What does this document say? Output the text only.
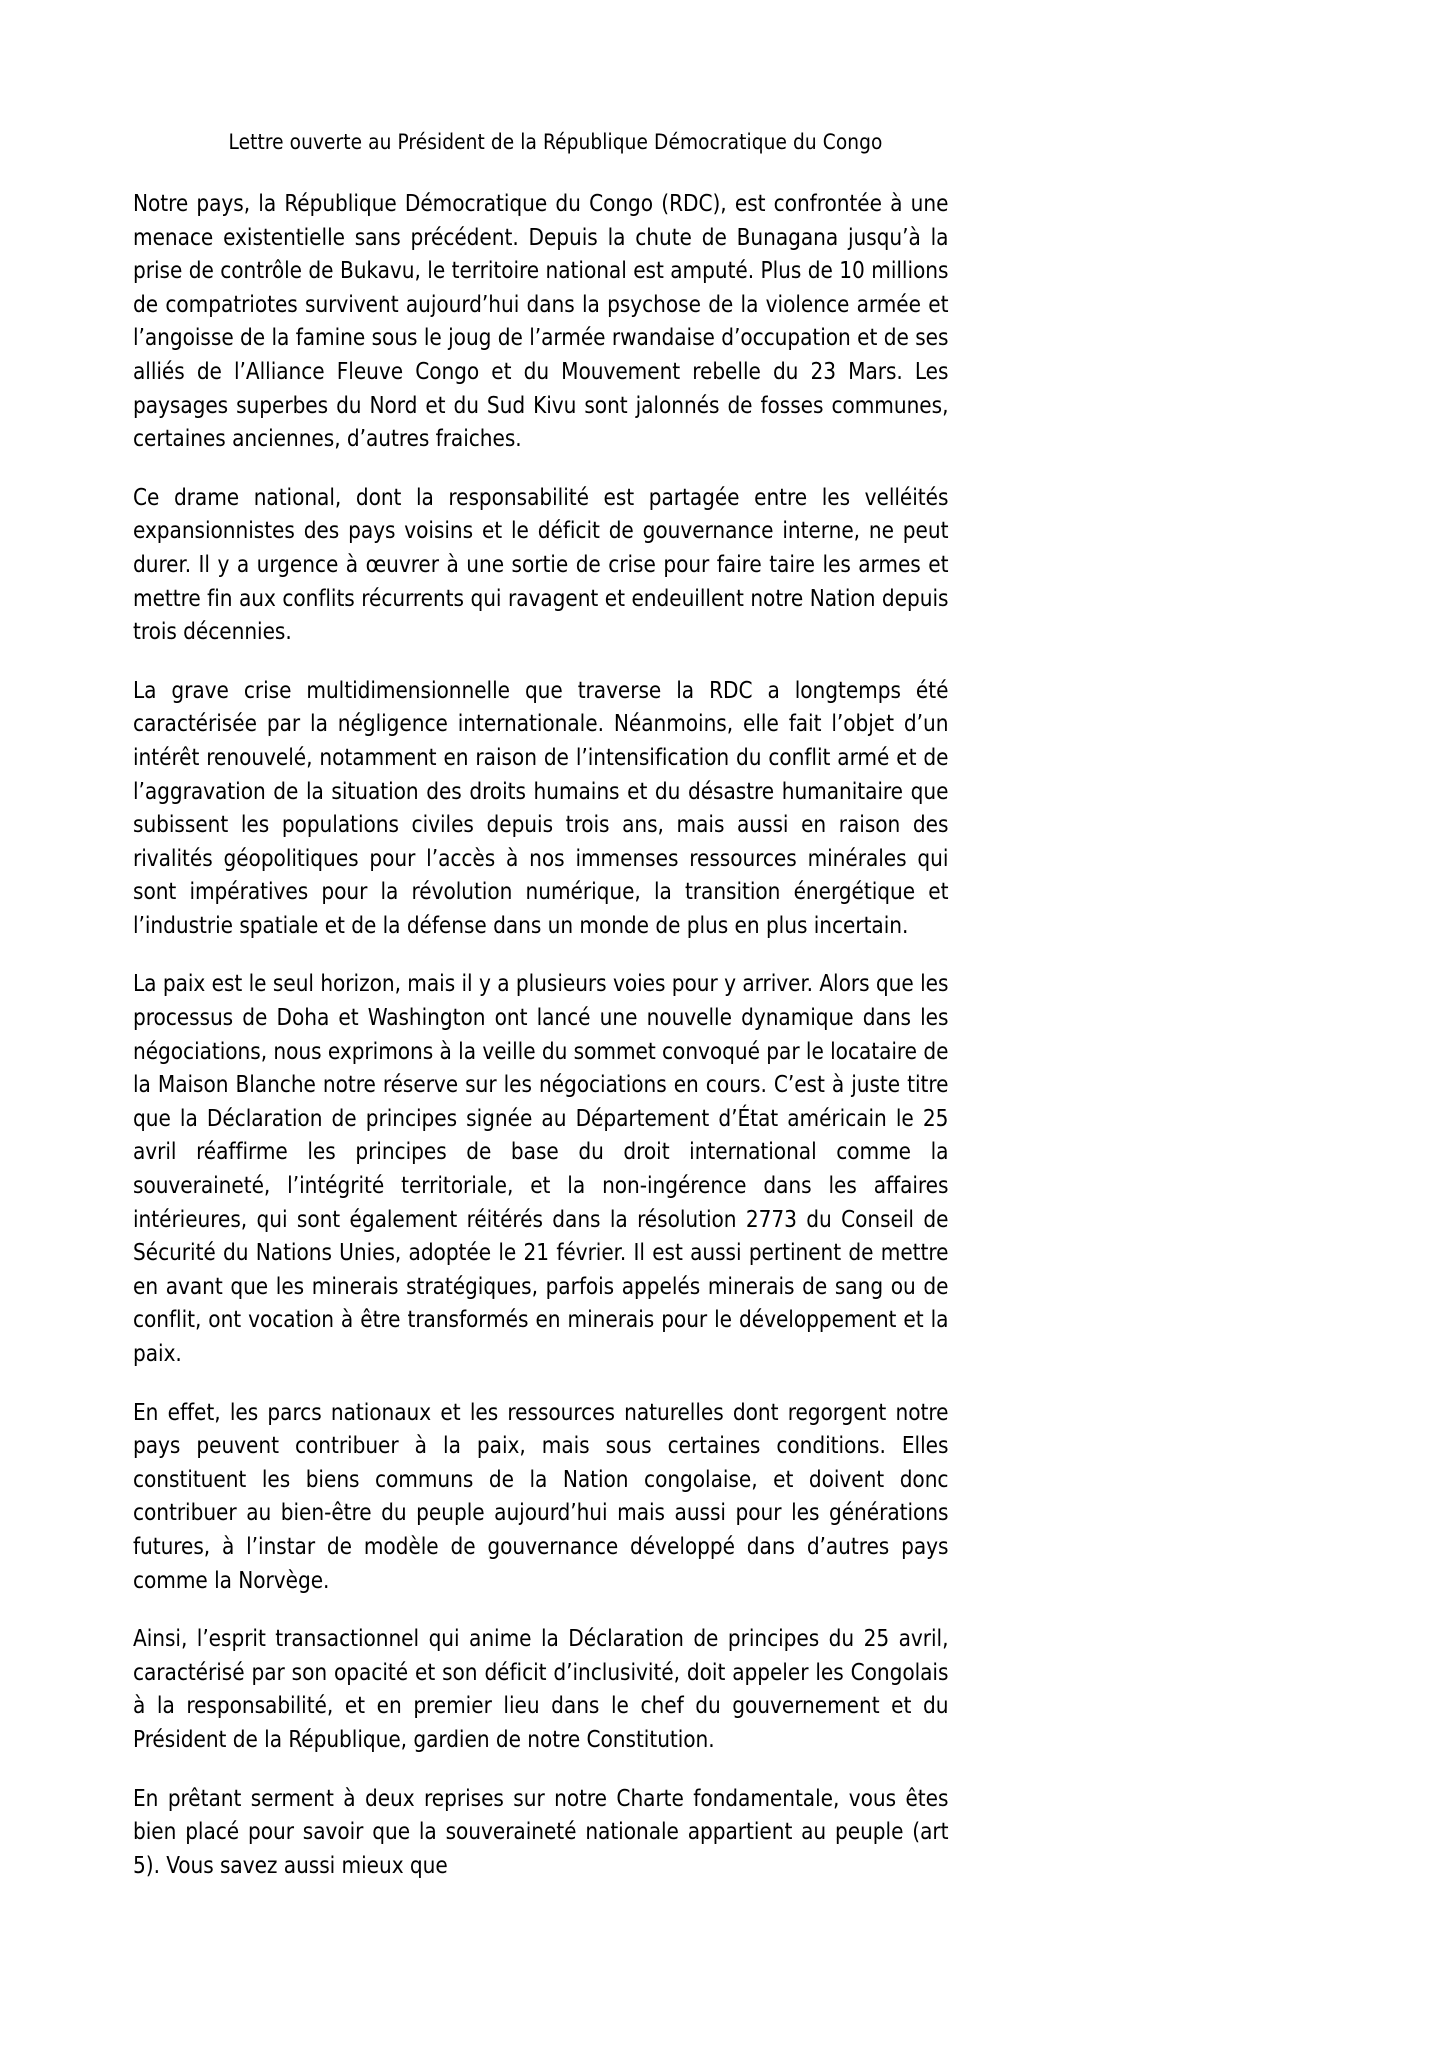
Lettre ouverte au Président de la République Démocratique du Congo

Notre pays, la République Démocratique du Congo (RDC), est confrontée à une menace existentielle sans précédent. Depuis la chute de Bunagana jusqu’à la prise de contrôle de Bukavu, le territoire national est amputé. Plus de 10 millions de compatriotes survivent aujourd’hui dans la psychose de la violence armée et l’angoisse de la famine sous le joug de l’armée rwandaise d’occupation et de ses alliés de l’Alliance Fleuve Congo et du Mouvement rebelle du 23 Mars. Les paysages superbes du Nord et du Sud Kivu sont jalonnés de fosses communes, certaines anciennes, d’autres fraiches.

Ce drame national, dont la responsabilité est partagée entre les velléités expansionnistes des pays voisins et le déficit de gouvernance interne, ne peut durer. Il y a urgence à œuvrer à une sortie de crise pour faire taire les armes et mettre fin aux conflits récurrents qui ravagent et endeuillent notre Nation depuis trois décennies.

La grave crise multidimensionnelle que traverse la RDC a longtemps été caractérisée par la négligence internationale. Néanmoins, elle fait l’objet d’un intérêt renouvelé, notamment en raison de l’intensification du conflit armé et de l’aggravation de la situation des droits humains et du désastre humanitaire que subissent les populations civiles depuis trois ans, mais aussi en raison des rivalités géopolitiques pour l’accès à nos immenses ressources minérales qui sont impératives pour la révolution numérique, la transition énergétique et l’industrie spatiale et de la défense dans un monde de plus en plus incertain.

La paix est le seul horizon, mais il y a plusieurs voies pour y arriver. Alors que les processus de Doha et Washington ont lancé une nouvelle dynamique dans les négociations, nous exprimons à la veille du sommet convoqué par le locataire de la Maison Blanche notre réserve sur les négociations en cours. C’est à juste titre que la Déclaration de principes signée au Département d’État américain le 25 avril réaffirme les principes de base du droit international comme la souveraineté, l’intégrité territoriale, et la non-ingérence dans les affaires intérieures, qui sont également réitérés dans la résolution 2773 du Conseil de Sécurité du Nations Unies, adoptée le 21 février. Il est aussi pertinent de mettre en avant que les minerais stratégiques, parfois appelés minerais de sang ou de conflit, ont vocation à être transformés en minerais pour le développement et la paix.

En effet, les parcs nationaux et les ressources naturelles dont regorgent notre pays peuvent contribuer à la paix, mais sous certaines conditions. Elles constituent les biens communs de la Nation congolaise, et doivent donc contribuer au bien-être du peuple aujourd’hui mais aussi pour les générations futures, à l’instar de modèle de gouvernance développé dans d’autres pays comme la Norvège.

Ainsi, l’esprit transactionnel qui anime la Déclaration de principes du 25 avril, caractérisé par son opacité et son déficit d’inclusivité, doit appeler les Congolais à la responsabilité, et en premier lieu dans le chef du gouvernement et du Président de la République, gardien de notre Constitution.

En prêtant serment à deux reprises sur notre Charte fondamentale, vous êtes bien placé pour savoir que la souveraineté nationale appartient au peuple (art 5). Vous savez aussi mieux que
